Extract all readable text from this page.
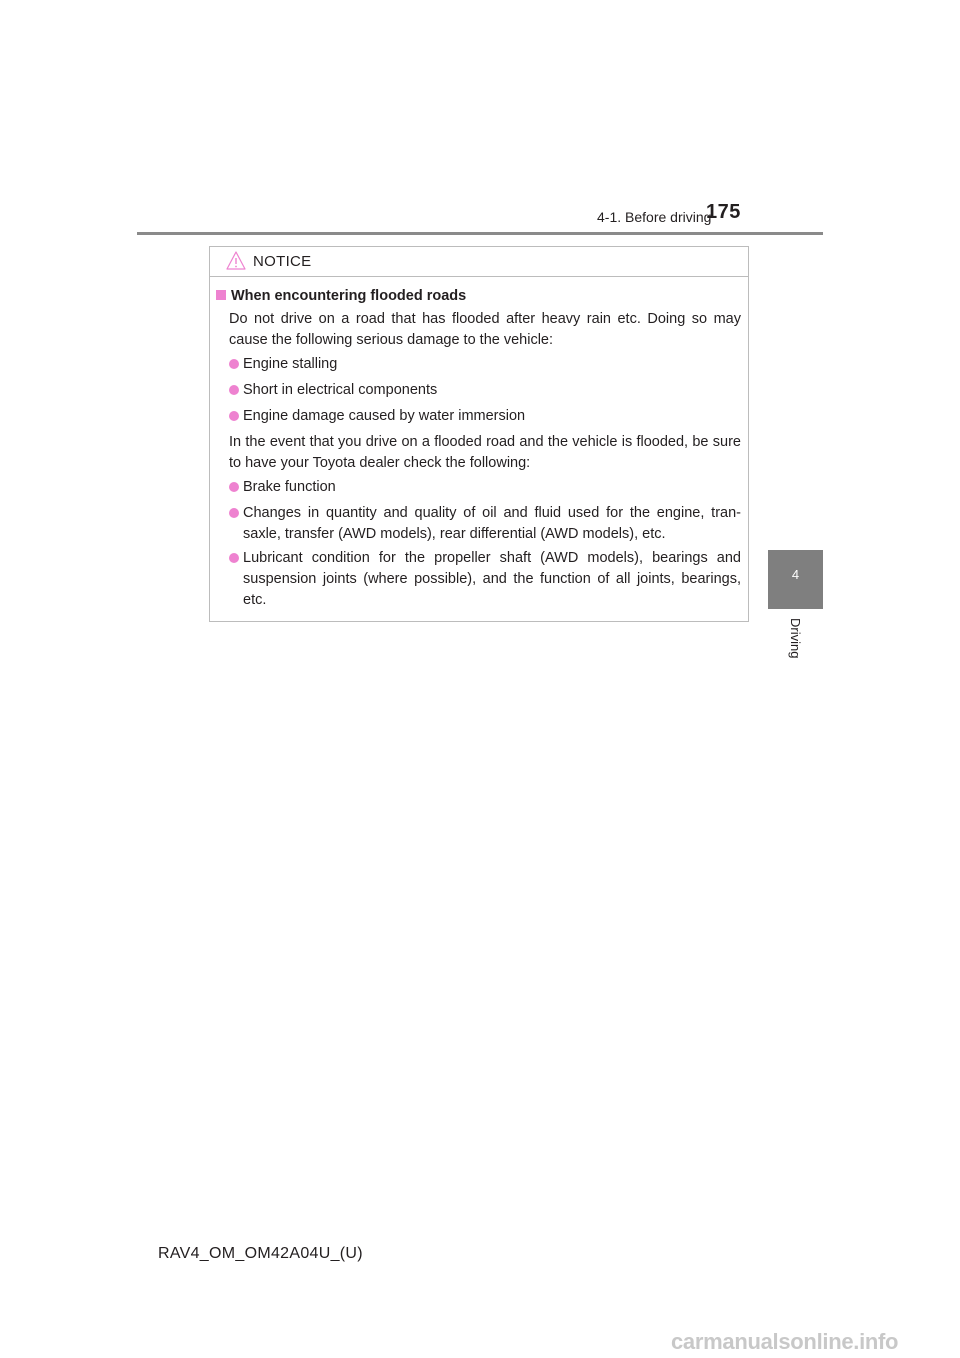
4-1. Before driving
175
4
Driving
NOTICE
When encountering flooded roads
Do not drive on a road that has flooded after heavy rain etc. Doing so may cause the following serious damage to the vehicle:
Engine stalling
Short in electrical components
Engine damage caused by water immersion
In the event that you drive on a flooded road and the vehicle is flooded, be sure to have your Toyota dealer check the following:
Brake function
Changes in quantity and quality of oil and fluid used for the engine, tran-saxle, transfer (AWD models), rear differential (AWD models), etc.
Lubricant condition for the propeller shaft (AWD models), bearings and suspension joints (where possible), and the function of all joints, bearings, etc.
RAV4_OM_OM42A04U_(U)
carmanualsonline.info
